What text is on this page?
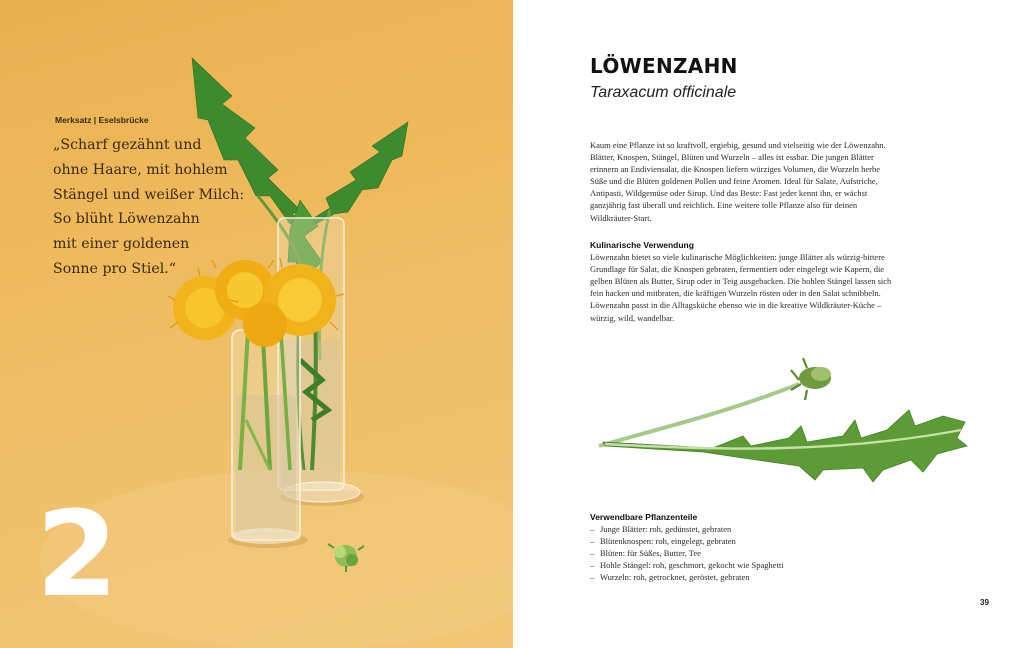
Merksatz | Eselsbrücke
„Scharf gezähnt und
ohne Haare, mit hohlem
Stängel und weißer Milch:
So blüht Löwenzahn
mit einer goldenen
Sonne pro Stiel.“
2
LÖWENZAHN
Taraxacum officinale

Kaum eine Pflanze ist so kraftvoll, ergiebig, gesund und vielseitig wie der Löwenzahn. Blätter, Knospen, Stängel, Blüten und Wurzeln – alles ist essbar. Die jungen Blätter erinnern an Endiviensalat, die Knospen liefern würziges Volumen, die Wurzeln herbe Süße und die Blüten goldenen Pollen und feine Aromen. Ideal für Salate, Aufstriche, Antipasti, Wildgemüse oder Sirup. Und das Beste: Fast jeder kennt ihn, er wächst ganzjährig fast überall und reichlich. Eine weitere tolle Pflanze also für deinen Wildkräuter-Start.

Kulinarische Verwendung

Löwenzahn bietet so viele kulinarische Möglichkeiten: junge Blätter als würzig-bittere Grundlage für Salat, die Knospen gebraten, fermentiert oder eingelegt wie Kapern, die gelben Blüten als Butter, Sirup oder in Teig ausgebacken. Die hohlen Stängel lassen sich fein hacken und mitbraten, die kräftigen Wurzeln rösten oder in den Salat schnibbeln. Löwenzahn passt in die Alltagsküche ebenso wie in die kreative Wildkräuter-Küche – würzig, wild, wandelbar.

Verwendbare Pflanzenteile
– Junge Blätter: roh, gedünstet, gebraten
– Blütenknospen: roh, eingelegt, gebraten
– Blüten: für Süßes, Butter, Tee
– Hohle Stängel: roh, geschmort, gekocht wie Spaghetti
– Wurzeln: roh, getrocknet, geröstet, gebraten
39
